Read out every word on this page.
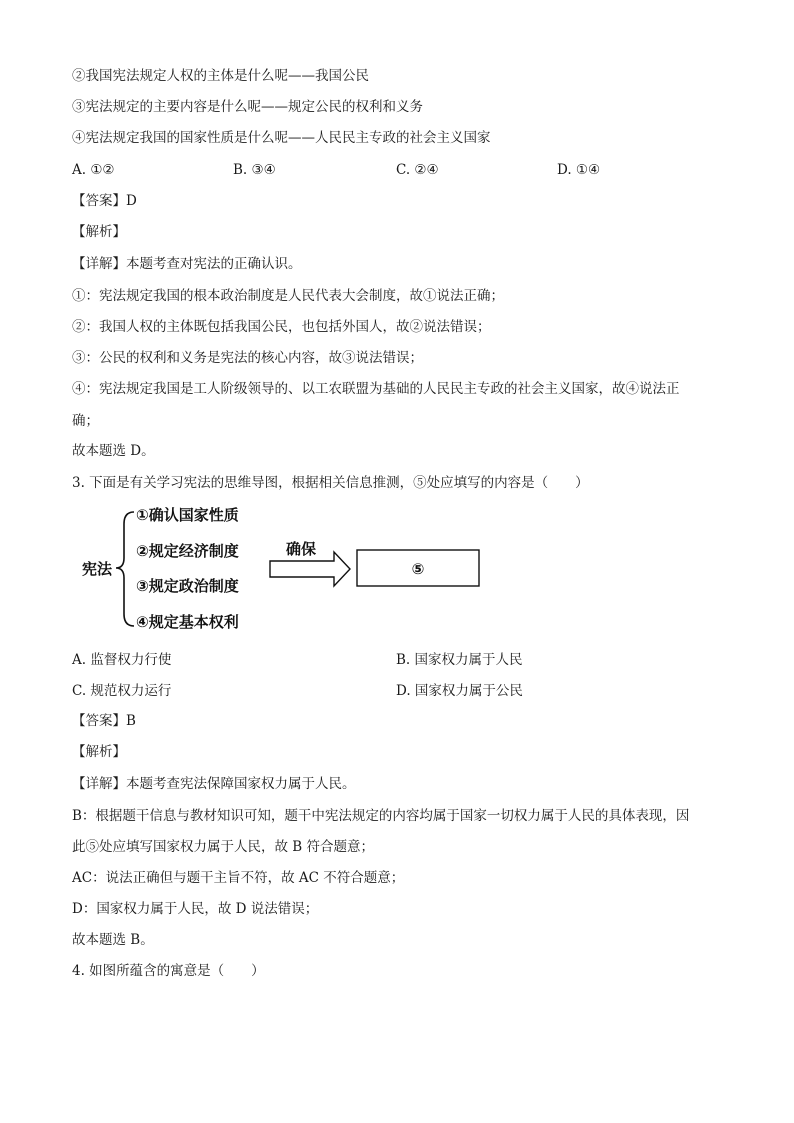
②我国宪法规定人权的主体是什么呢——我国公民
③宪法规定的主要内容是什么呢——规定公民的权利和义务
④宪法规定我国的国家性质是什么呢——人民民主专政的社会主义国家
A. ①②	B. ③④	C. ②④	D. ①④
【答案】D
【解析】
【详解】本题考查对宪法的正确认识。
①：宪法规定我国的根本政治制度是人民代表大会制度，故①说法正确；
②：我国人权的主体既包括我国公民，也包括外国人，故②说法错误；
③：公民的权利和义务是宪法的核心内容，故③说法错误；
④：宪法规定我国是工人阶级领导的、以工农联盟为基础的人民民主专政的社会主义国家，故④说法正
确；
故本题选 D。
3. 下面是有关学习宪法的思维导图，根据相关信息推测，⑤处应填写的内容是（　　）
宪法
①确认国家性质
②规定经济制度
③规定政治制度
④规定基本权利
确保
⑤
A. 监督权力行使	B. 国家权力属于人民
C. 规范权力运行	D. 国家权力属于公民
【答案】B
【解析】
【详解】本题考查宪法保障国家权力属于人民。
B：根据题干信息与教材知识可知，题干中宪法规定的内容均属于国家一切权力属于人民的具体表现，因
此⑤处应填写国家权力属于人民，故 B 符合题意；
AC：说法正确但与题干主旨不符，故 AC 不符合题意；
D：国家权力属于人民，故 D 说法错误；
故本题选 B。
4. 如图所蕴含的寓意是（　　）
